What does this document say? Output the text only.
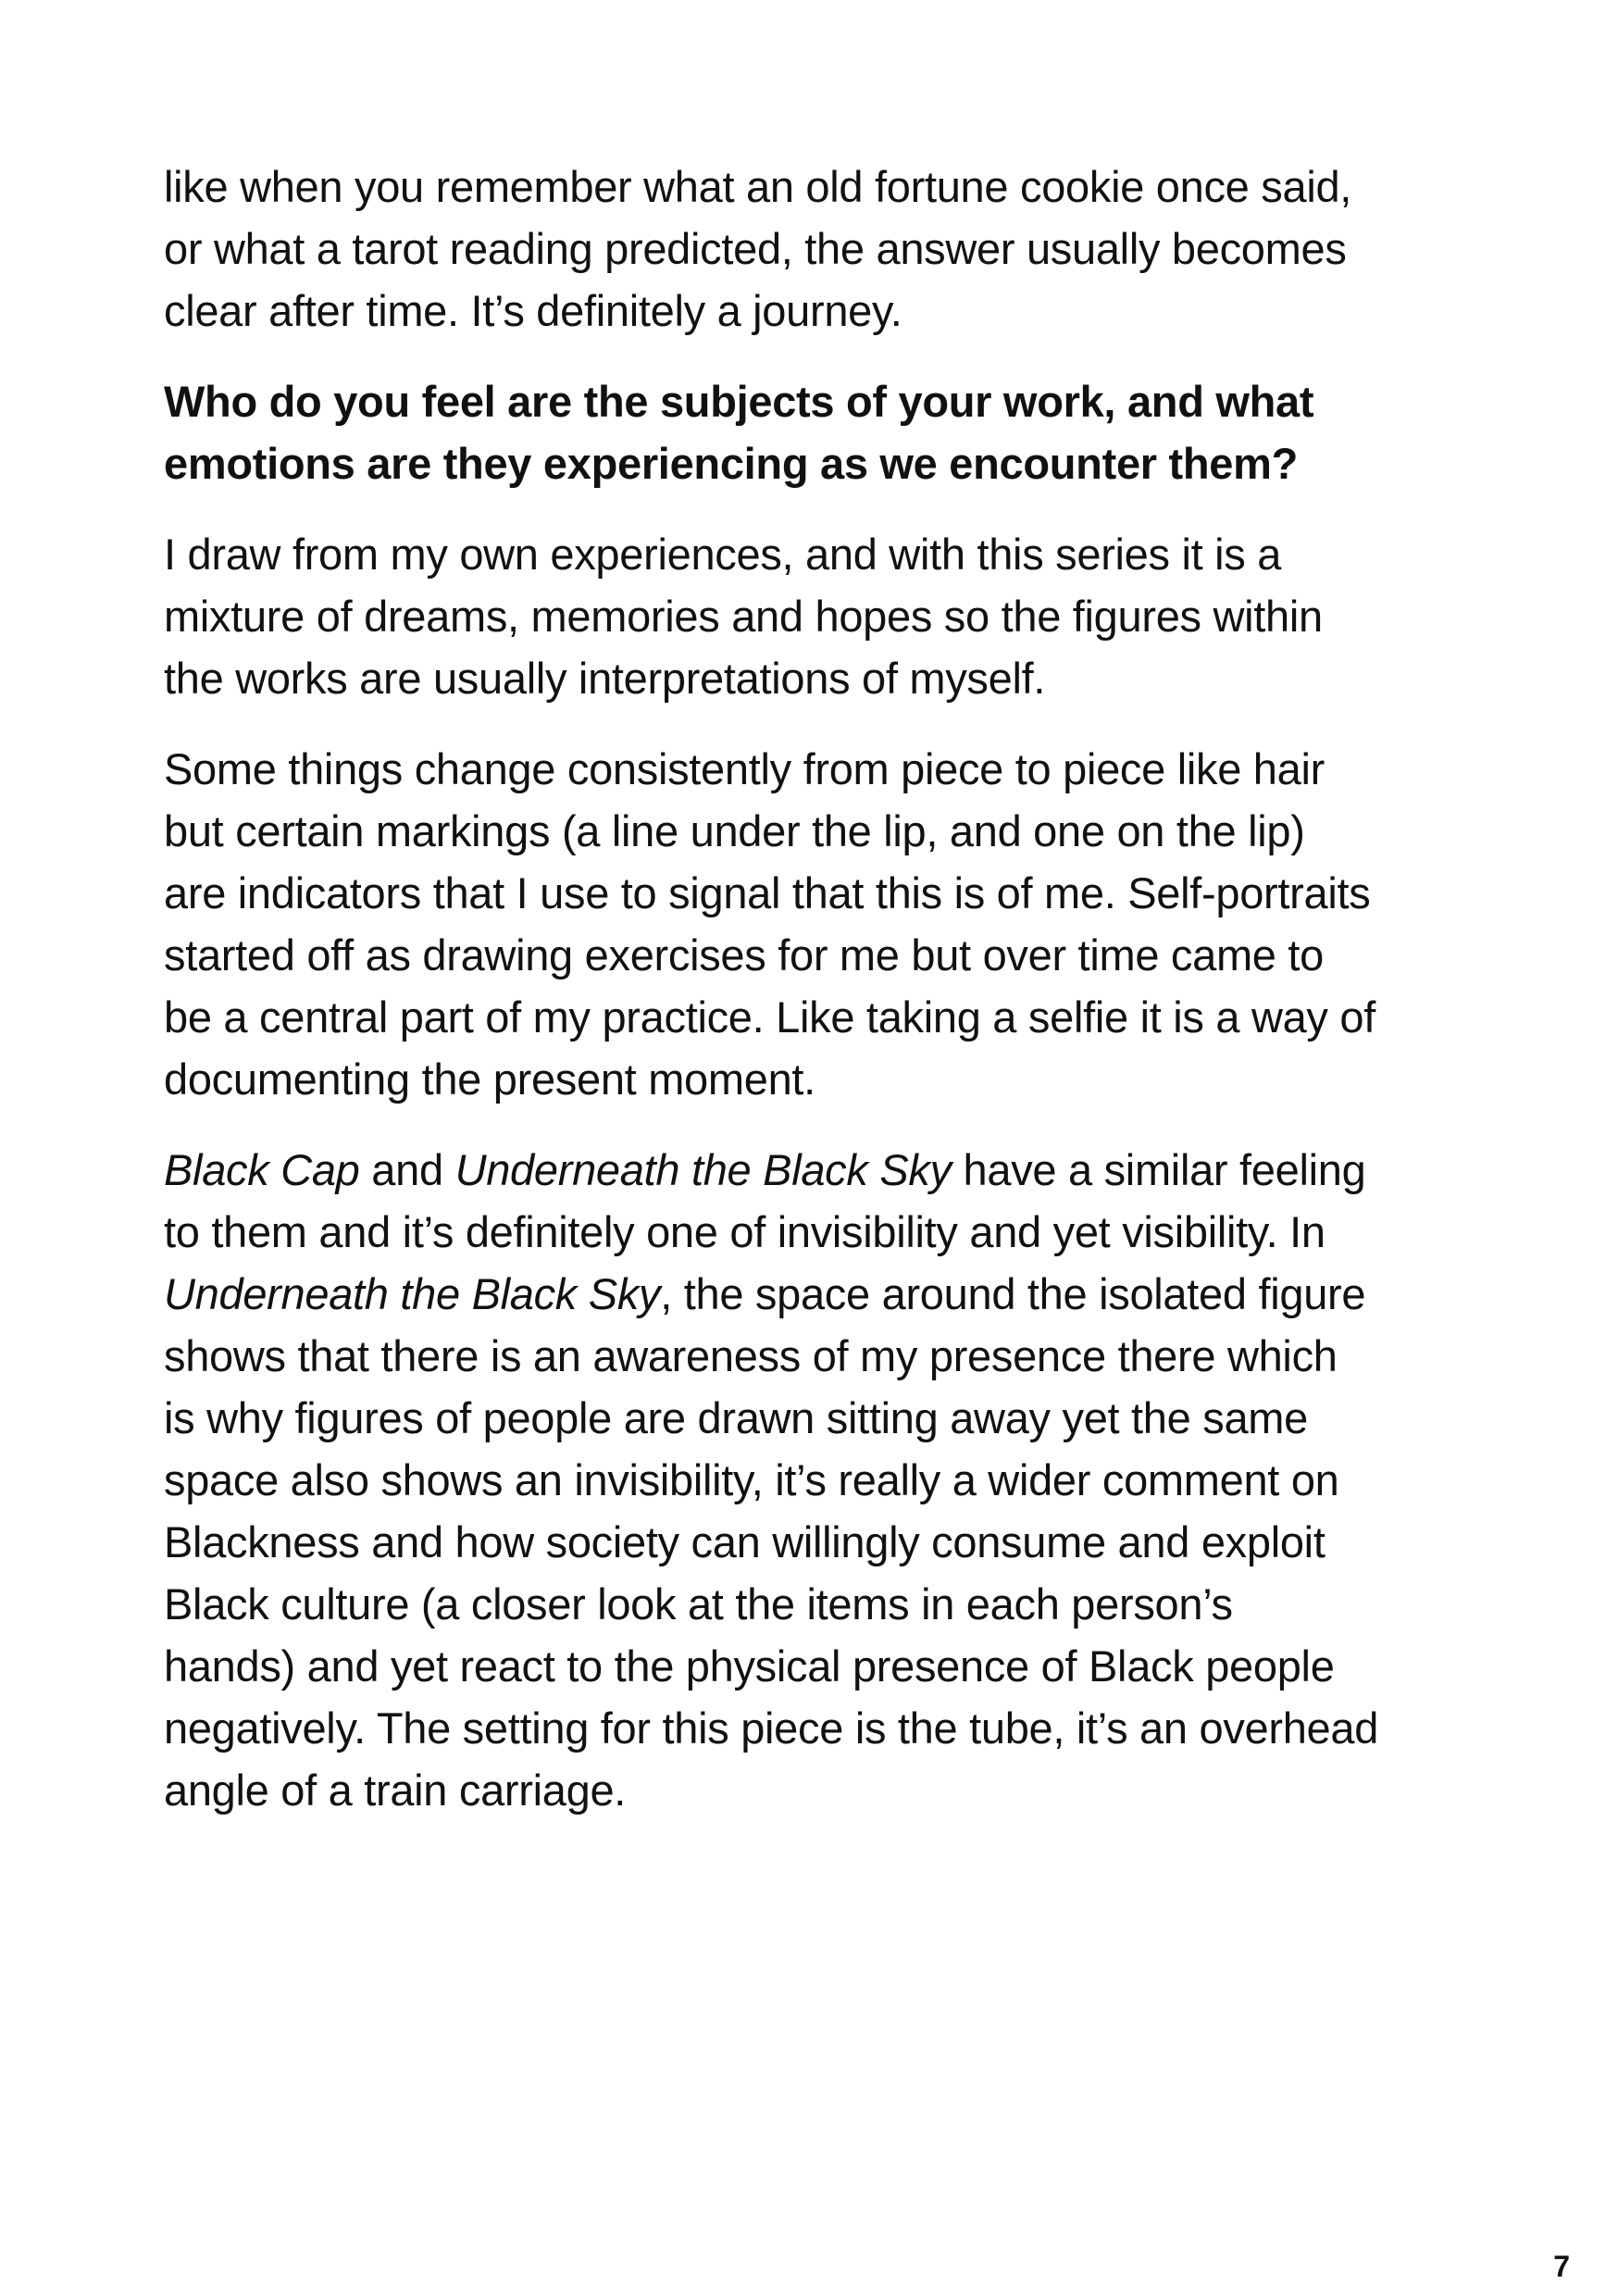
like when you remember what an old fortune cookie once said,
or what a tarot reading predicted, the answer usually becomes
clear after time. It’s definitely a journey.

Who do you feel are the subjects of your work, and what
emotions are they experiencing as we encounter them?

I draw from my own experiences, and with this series it is a
mixture of dreams, memories and hopes so the figures within
the works are usually interpretations of myself.

Some things change consistently from piece to piece like hair
but certain markings (a line under the lip, and one on the lip)
are indicators that I use to signal that this is of me. Self-portraits
started off as drawing exercises for me but over time came to
be a central part of my practice. Like taking a selfie it is a way of
documenting the present moment.

Black Cap and Underneath the Black Sky have a similar feeling
to them and it’s definitely one of invisibility and yet visibility. In
Underneath the Black Sky, the space around the isolated figure
shows that there is an awareness of my presence there which
is why figures of people are drawn sitting away yet the same
space also shows an invisibility, it’s really a wider comment on
Blackness and how society can willingly consume and exploit
Black culture (a closer look at the items in each person’s
hands) and yet react to the physical presence of Black people
negatively. The setting for this piece is the tube, it’s an overhead
angle of a train carriage.

7
